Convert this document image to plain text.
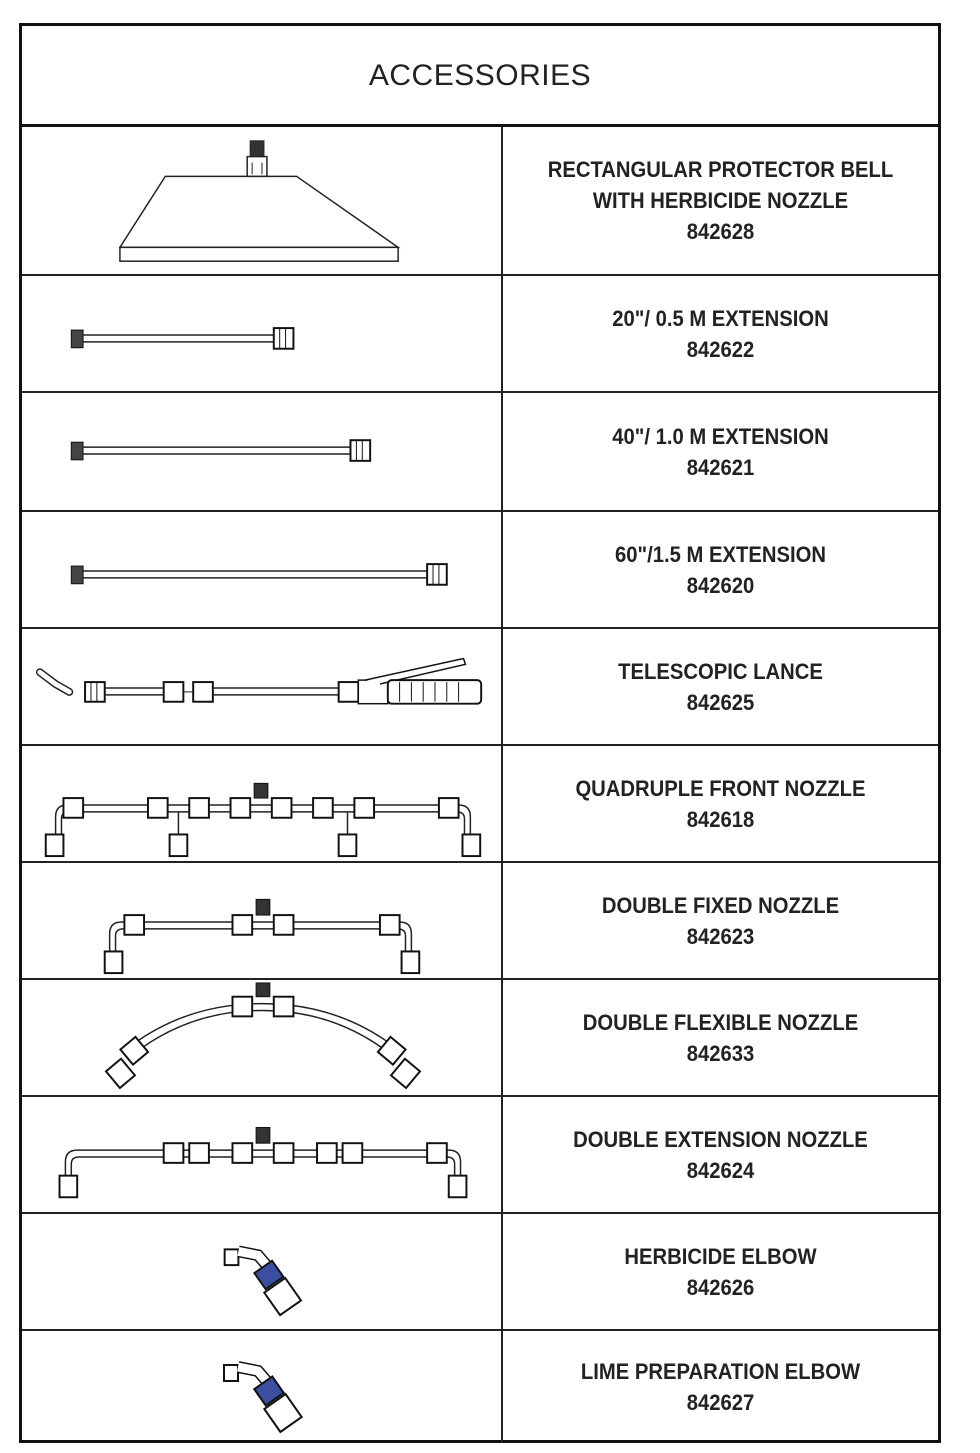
ACCESSORIES
RECTANGULAR PROTECTOR BELL
WITH HERBICIDE NOZZLE
842628
20"/ 0.5 M EXTENSION
842622
40"/ 1.0 M EXTENSION
842621
60"/1.5 M EXTENSION
842620
TELESCOPIC LANCE
842625
QUADRUPLE FRONT NOZZLE
842618
DOUBLE FIXED NOZZLE
842623
DOUBLE FLEXIBLE NOZZLE
842633
DOUBLE EXTENSION NOZZLE
842624
HERBICIDE ELBOW
842626
LIME PREPARATION ELBOW
842627
